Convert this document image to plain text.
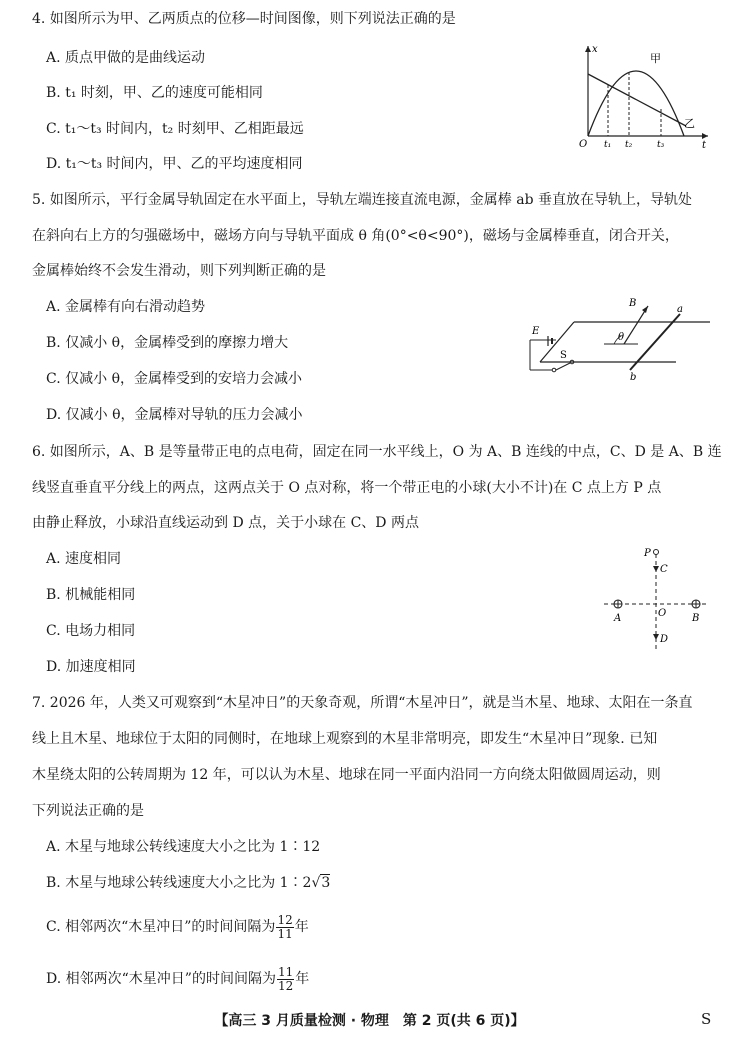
4. 如图所示为甲、乙两质点的位移—时间图像，则下列说法正确的是
A. 质点甲做的是曲线运动
B. t₁ 时刻，甲、乙的速度可能相同
C. t₁～t₃ 时间内，t₂ 时刻甲、乙相距最远
D. t₁～t₃ 时间内，甲、乙的平均速度相同
x
t
O t₁ t₂	t₃
甲
乙
5. 如图所示，平行金属导轨固定在水平面上，导轨左端连接直流电源，金属棒 ab 垂直放在导轨上，导轨处
在斜向右上方的匀强磁场中，磁场方向与导轨平面成 θ 角(0°<θ<90°)，磁场与金属棒垂直，闭合开关，
金属棒始终不会发生滑动，则下列判断正确的是
A. 金属棒有向右滑动趋势
B. 仅减小 θ，金属棒受到的摩擦力增大
C. 仅减小 θ，金属棒受到的安培力会减小
D. 仅减小 θ，金属棒对导轨的压力会减小
B
θ
E
S
a
b
6. 如图所示，A、B 是等量带正电的点电荷，固定在同一水平线上，O 为 A、B 连线的中点，C、D 是 A、B 连
线竖直垂直平分线上的两点，这两点关于 O 点对称，将一个带正电的小球(大小不计)在 C 点上方 P 点
由静止释放，小球沿直线运动到 D 点，关于小球在 C、D 两点
A. 速度相同
B. 机械能相同
C. 电场力相同
D. 加速度相同
P
C
O
D
A	B
7. 2026 年，人类又可观察到“木星冲日”的天象奇观，所谓“木星冲日”，就是当木星、地球、太阳在一条直
线上且木星、地球位于太阳的同侧时，在地球上观察到的木星非常明亮，即发生“木星冲日”现象. 已知
木星绕太阳的公转周期为 12 年，可以认为木星、地球在同一平面内沿同一方向绕太阳做圆周运动，则
下列说法正确的是
A. 木星与地球公转线速度大小之比为 1∶12
B. 木星与地球公转线速度大小之比为 1∶2√3
C. 相邻两次“木星冲日”的时间间隔为 $\frac{12}{11}$ 年
D. 相邻两次“木星冲日”的时间间隔为 $\frac{11}{12}$ 年
【高三 3 月质量检测 · 物理　第 2 页(共 6 页)】	S
